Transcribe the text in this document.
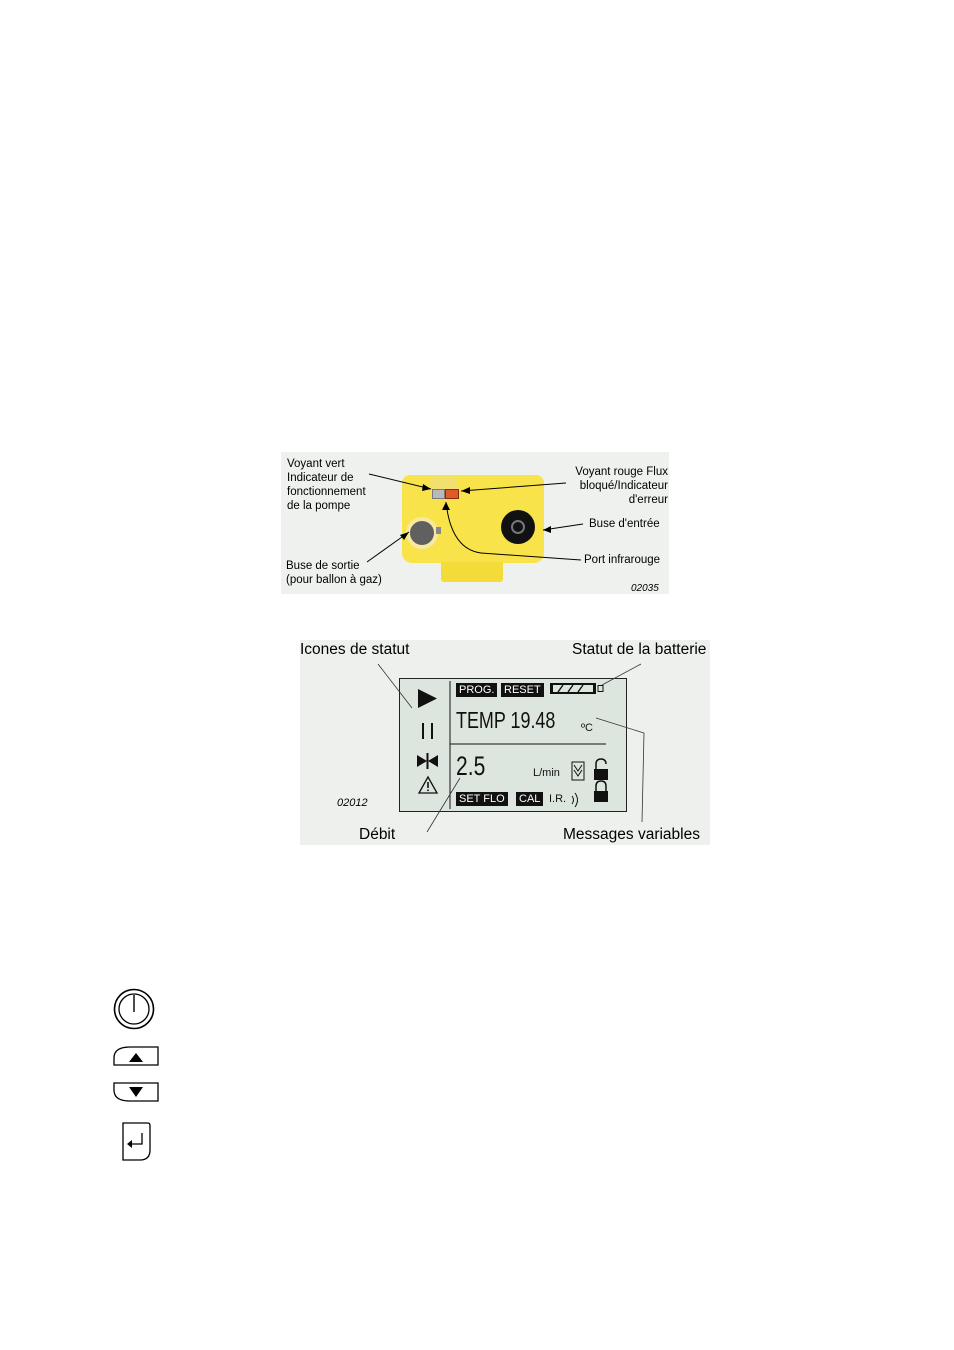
Voyant vert
Indicateur de
fonctionnement
de la pompe
Voyant rouge Flux
bloqué/Indicateur
d'erreur
Buse d'entrée
Buse de sortie
(pour ballon à gaz)
Port infrarouge
02035
Icones de statut	Statut de la batterie
Débit	Messages variables
02012
PROG. RESET
TEMP 19.48 ºC
2.5	L/min
SET FLO CAL I.R.
